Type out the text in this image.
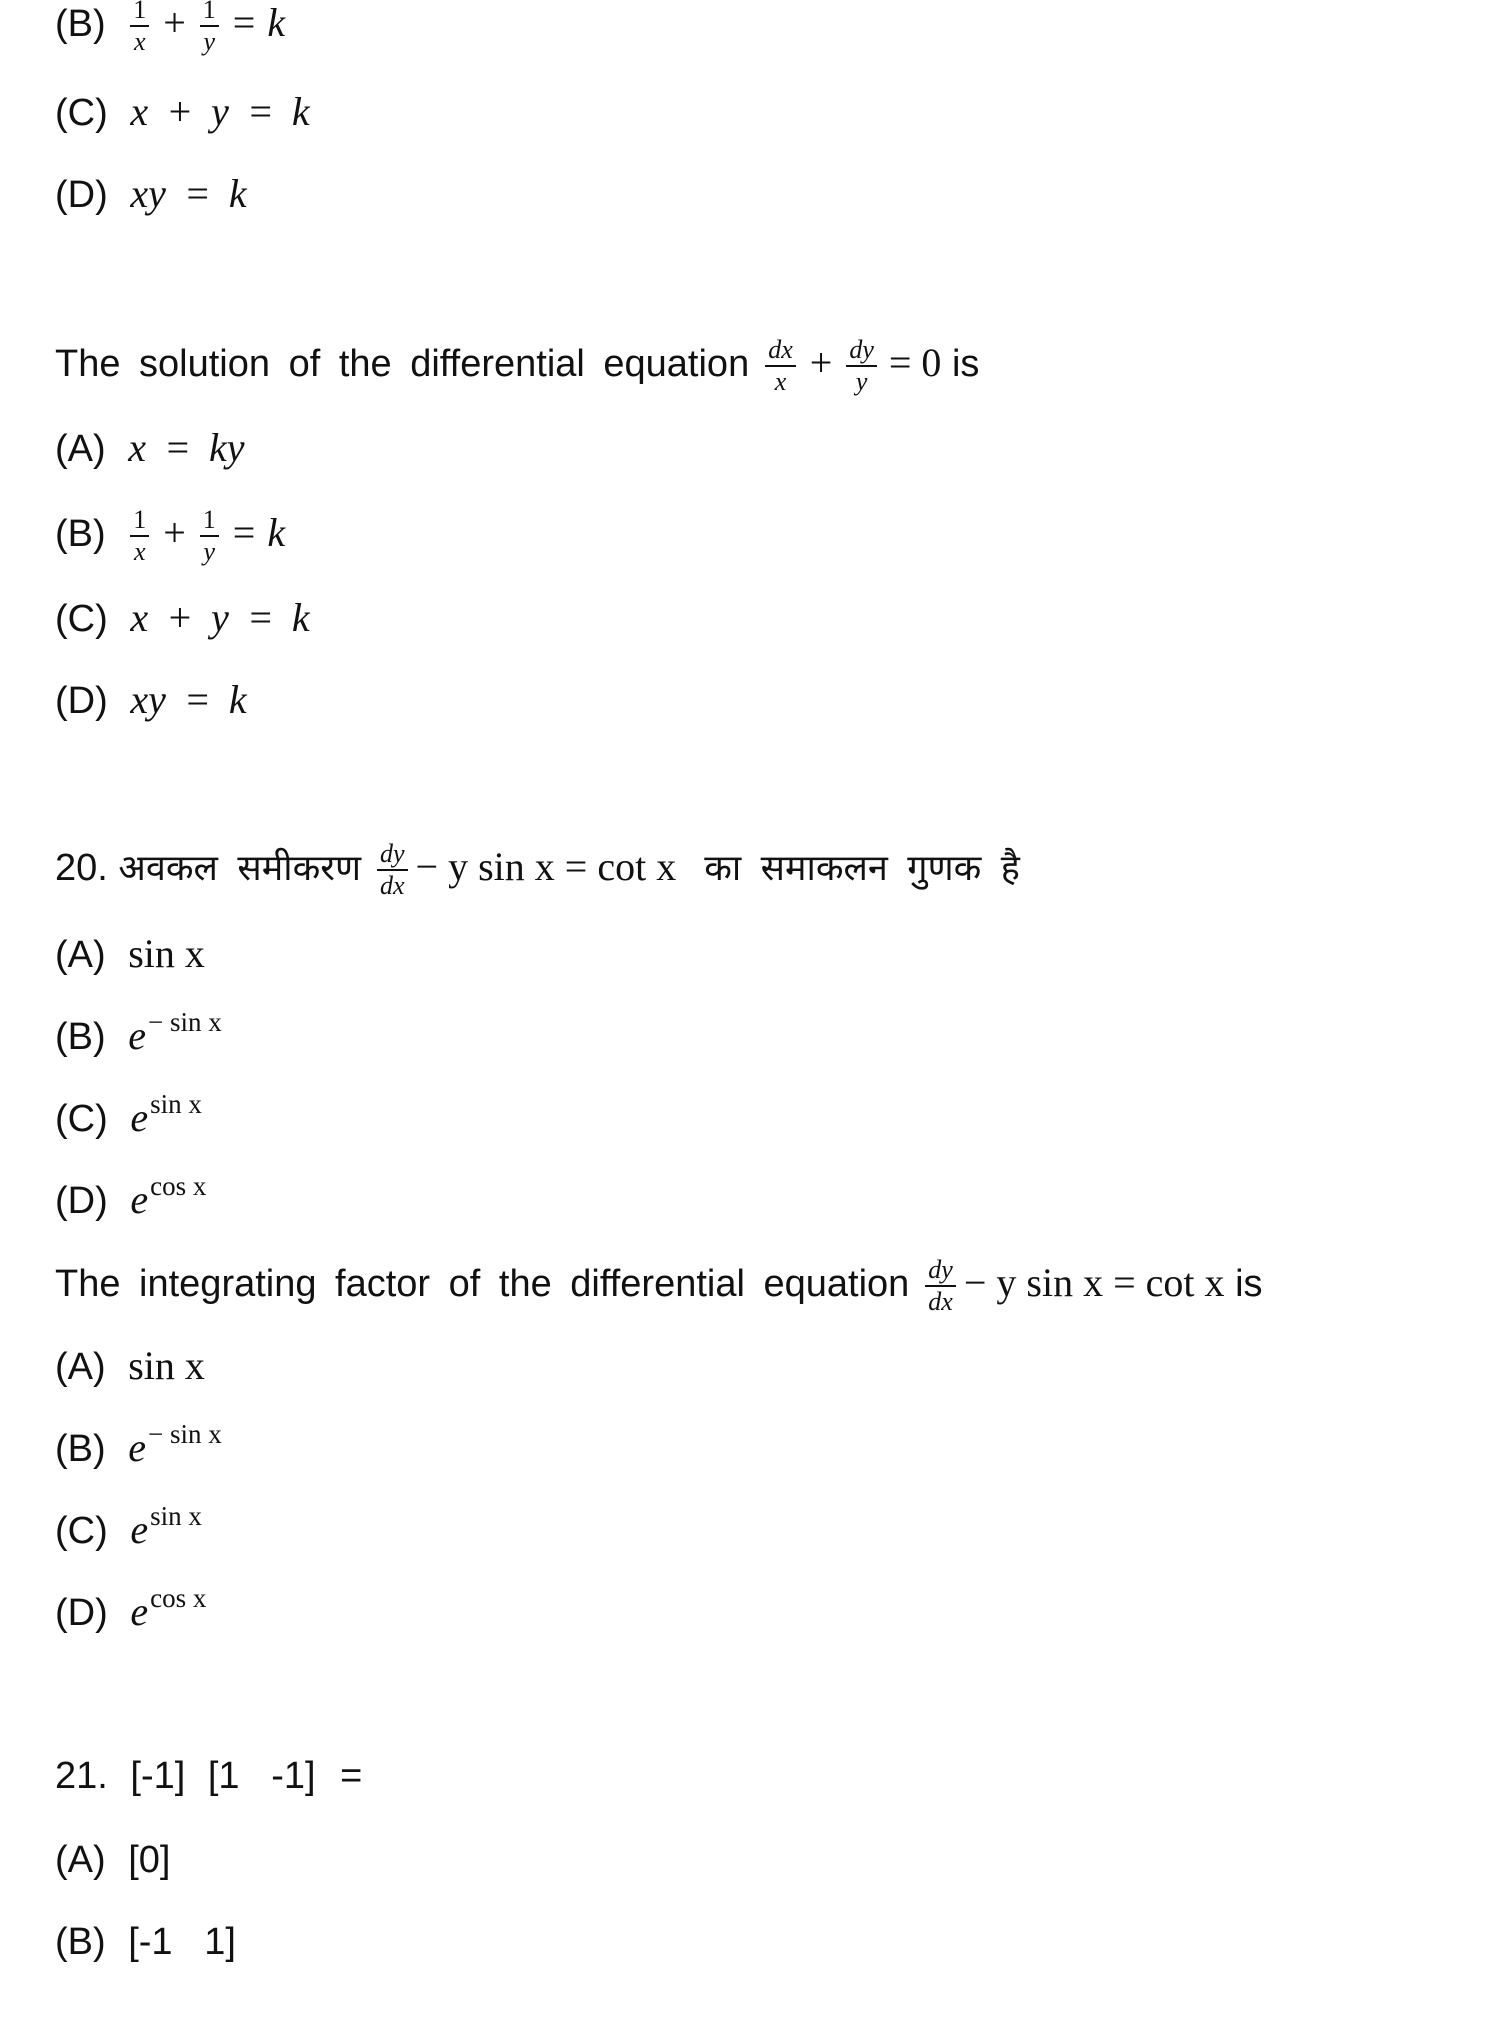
$(B) \frac{1}{x} + \frac{1}{y} = k$
(C) x + y = k
(D) xy = k
The solution of the differential equation $\frac{dx}{x} + \frac{dy}{y} = 0$ is
(A) x = ky
$(B) \frac{1}{x} + \frac{1}{y} = k$
(C) x + y = k
(D) xy = k
20. अवकल समीकरण $\frac{dy}{dx} - y$ sin x = cot x का समाकलन गुणक है
(A) sin x
(B) $e^{- sin x}$
(C) $e^{sin x}$
(D) $e^{cos x}$
The integrating factor of the differential equation $\frac{dy}{dx} - y$ sin x = cot x is
(A) sin x
(B) $e^{- sin x}$
(C) $e^{sin x}$
(D) $e^{cos x}$
21. [-1] [1   -1] =
(A) [0]
(B) [-1   1]
